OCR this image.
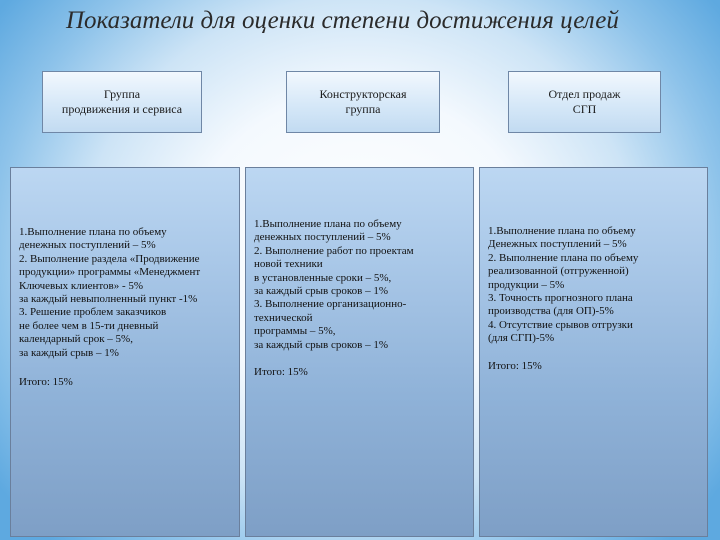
Показатели для оценки степени достижения целей
Группа
продвижения и сервиса
Конструкторская
группа
Отдел продаж
СГП
1.Выполнение плана по объему
денежных поступлений – 5%
2. Выполнение раздела «Продвижение
продукции» программы «Менеджмент
Ключевых клиентов» - 5%
за каждый невыполненный пункт -1%
3. Решение проблем заказчиков
не более чем в 15-ти дневный
календарный срок – 5%,
за каждый срыв – 1%
Итого: 15%
1.Выполнение плана по объему
денежных поступлений – 5%
2. Выполнение работ по проектам
новой техники
в установленные сроки – 5%,
за каждый срыв сроков – 1%
3. Выполнение организационно-
технической
программы – 5%,
за каждый срыв сроков – 1%
Итого: 15%
1.Выполнение плана по объему
Денежных поступлений – 5%
2. Выполнение плана по объему
реализованной (отгруженной)
продукции – 5%
3. Точность прогнозного плана
производства (для ОП)-5%
4. Отсутствие срывов отгрузки
(для СГП)-5%
Итого: 15%
